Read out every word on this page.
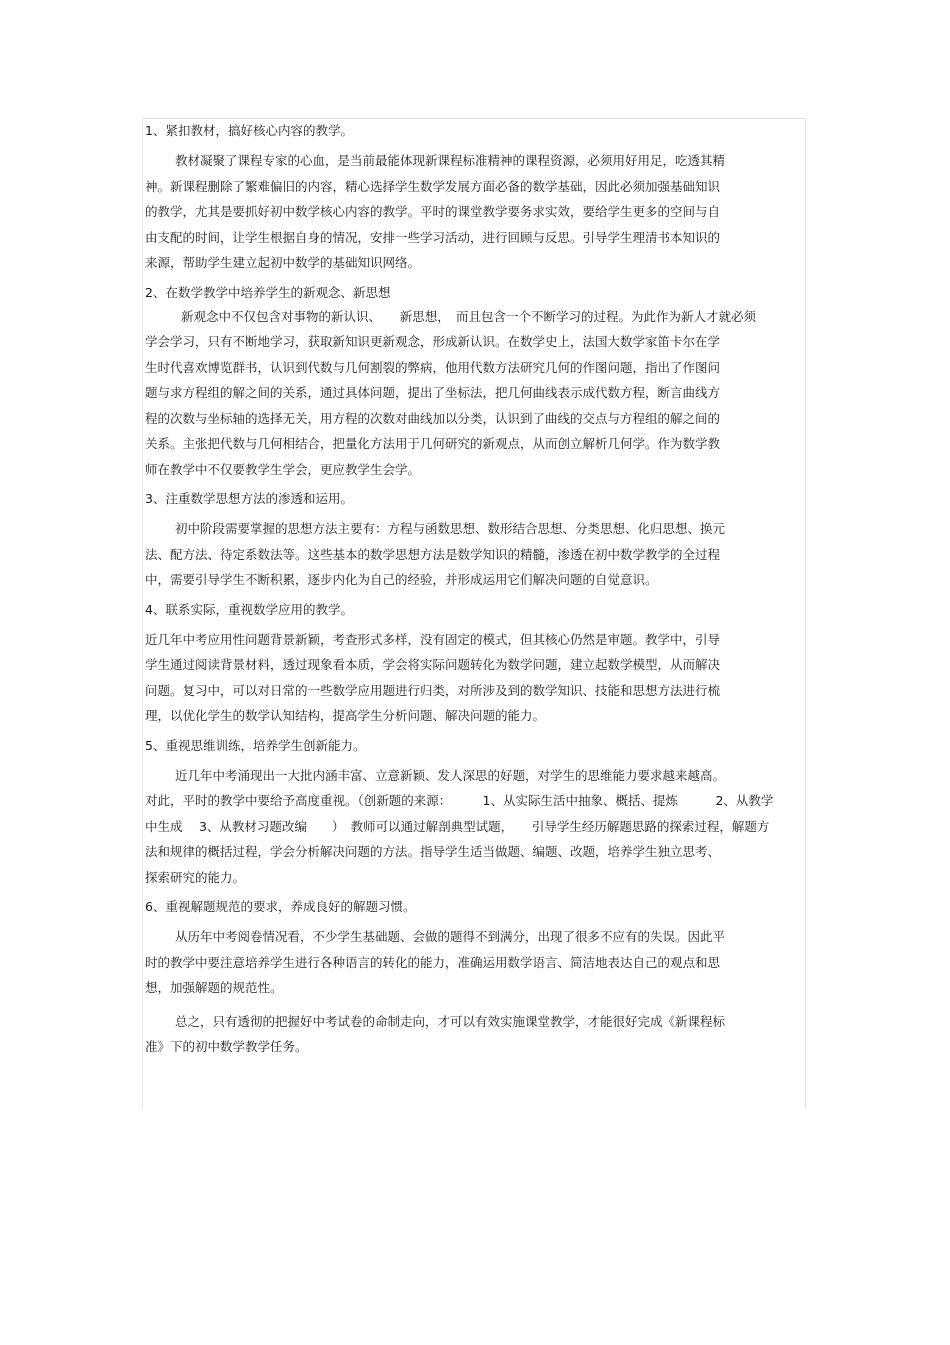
1、紧扣教材，搞好核心内容的教学。
教材凝聚了课程专家的心血，是当前最能体现新课程标准精神的课程资源，必须用好用足，吃透其精
神。新课程删除了繁难偏旧的内容，精心选择学生数学发展方面必备的数学基础，因此必须加强基础知识
的教学，尤其是要抓好初中数学核心内容的教学。平时的课堂教学要务求实效，要给学生更多的空间与自
由支配的时间，让学生根据自身的情况，安排一些学习活动，进行回顾与反思。引导学生理清书本知识的
来源，帮助学生建立起初中数学的基础知识网络。
2、在数学教学中培养学生的新观念、新思想
新观念中不仅包含对事物的新认识、　　新思想，　而且包含一个不断学习的过程。为此作为新人才就必须
学会学习，只有不断地学习，获取新知识更新观念，形成新认识。在数学史上，法国大数学家笛卡尔在学
生时代喜欢博览群书，认识到代数与几何割裂的弊病，他用代数方法研究几何的作图问题，指出了作图问
题与求方程组的解之间的关系，通过具体问题，提出了坐标法，把几何曲线表示成代数方程，断言曲线方
程的次数与坐标轴的选择无关，用方程的次数对曲线加以分类，认识到了曲线的交点与方程组的解之间的
关系。主张把代数与几何相结合，把量化方法用于几何研究的新观点，从而创立解析几何学。作为数学教
师在教学中不仅要教学生学会，更应教学生会学。
3、注重数学思想方法的渗透和运用。
初中阶段需要掌握的思想方法主要有：方程与函数思想、数形结合思想、分类思想、化归思想、换元
法、配方法、待定系数法等。这些基本的数学思想方法是数学知识的精髓，渗透在初中数学教学的全过程
中，需要引导学生不断积累，逐步内化为自己的经验，并形成运用它们解决问题的自觉意识。
4、联系实际，重视数学应用的教学。
近几年中考应用性问题背景新颖，考查形式多样，没有固定的模式，但其核心仍然是审题。教学中，引导
学生通过阅读背景材料，透过现象看本质，学会将实际问题转化为数学问题，建立起数学模型，从而解决
问题。复习中，可以对日常的一些数学应用题进行归类，对所涉及到的数学知识、技能和思想方法进行梳
理，以优化学生的数学认知结构，提高学生分析问题、解决问题的能力。
5、重视思维训练，培养学生创新能力。
近几年中考涌现出一大批内涵丰富、立意新颖、发人深思的好题，对学生的思维能力要求越来越高。
对此，平时的教学中要给予高度重视。（创新题的来源：　　　1、从实际生活中抽象、概括、提炼　　　2、从教学
中生成　 3、从教材习题改编　　）　教师可以通过解剖典型试题，　　引导学生经历解题思路的探索过程，解题方
法和规律的概括过程，学会分析解决问题的方法。指导学生适当做题、编题、改题，培养学生独立思考、
探索研究的能力。
6、重视解题规范的要求，养成良好的解题习惯。
从历年中考阅卷情况看，不少学生基础题、会做的题得不到满分，出现了很多不应有的失误。因此平
时的教学中要注意培养学生进行各种语言的转化的能力，准确运用数学语言、简洁地表达自己的观点和思
想，加强解题的规范性。
总之，只有透彻的把握好中考试卷的命制走向，才可以有效实施课堂教学，才能很好完成《新课程标
准》下的初中数学教学任务。
